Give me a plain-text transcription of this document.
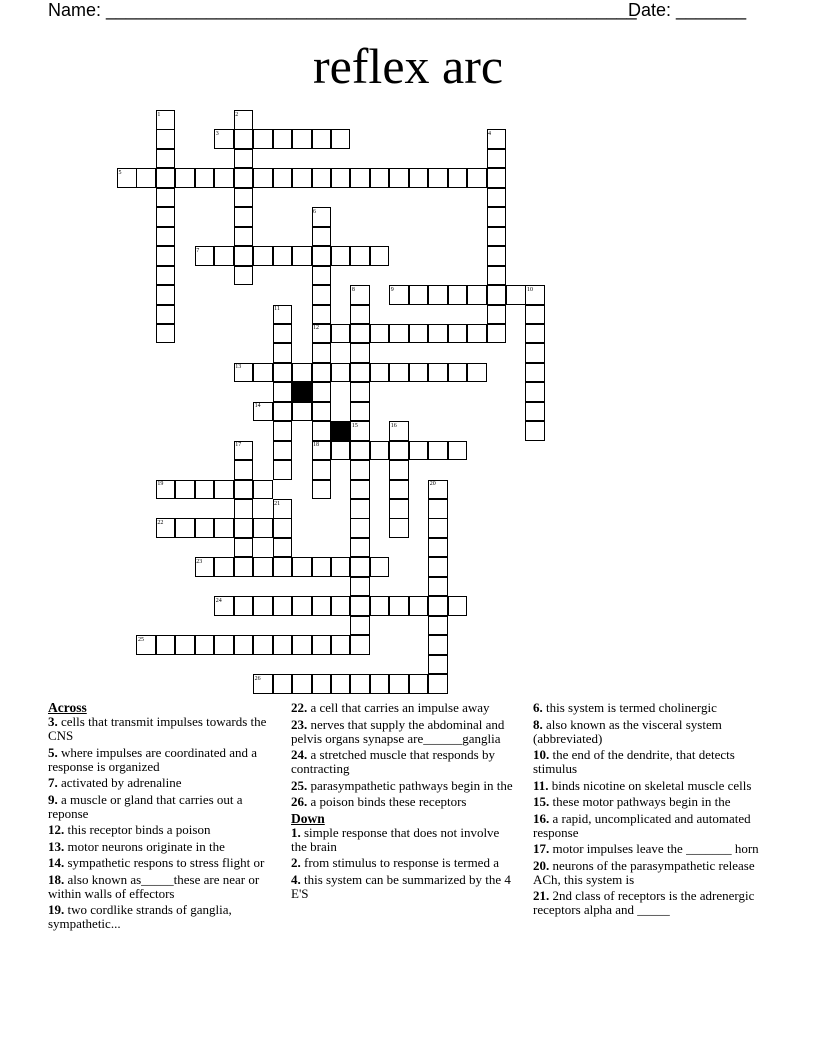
Name: _____________________________________________________
Date: _______
reflex arc
1	2
3	4
5
6
7
8	9	10
11
12
13
14
15	16
17	18
19	20
21
22
23
24
25
26
Across
3. cells that transmit impulses towards the CNS
5. where impulses are coordinated and a response is organized
7. activated by adrenaline
9. a muscle or gland that carries out a reponse
12. this receptor binds a poison
13. motor neurons originate in the
14. sympathetic respons to stress flight or
18. also known as_____these are near or within walls of effectors
19. two cordlike strands of ganglia, sympathetic...
22. a cell that carries an impulse away
23. nerves that supply the abdominal and pelvis organs synapse are______ganglia
24. a stretched muscle that responds by contracting
25. parasympathetic pathways begin in the
26. a poison binds these receptors
Down
1. simple response that does not involve the brain
2. from stimulus to response is termed a
4. this system can be summarized by the 4 E'S
6. this system is termed cholinergic
8. also known as the visceral system (abbreviated)
10. the end of the dendrite, that detects stimulus
11. binds nicotine on skeletal muscle cells
15. these motor pathways begin in the
16. a rapid, uncomplicated and automated response
17. motor impulses leave the _______ horn
20. neurons of the parasympathetic release ACh, this system is
21. 2nd class of receptors is the adrenergic receptors alpha and _____
